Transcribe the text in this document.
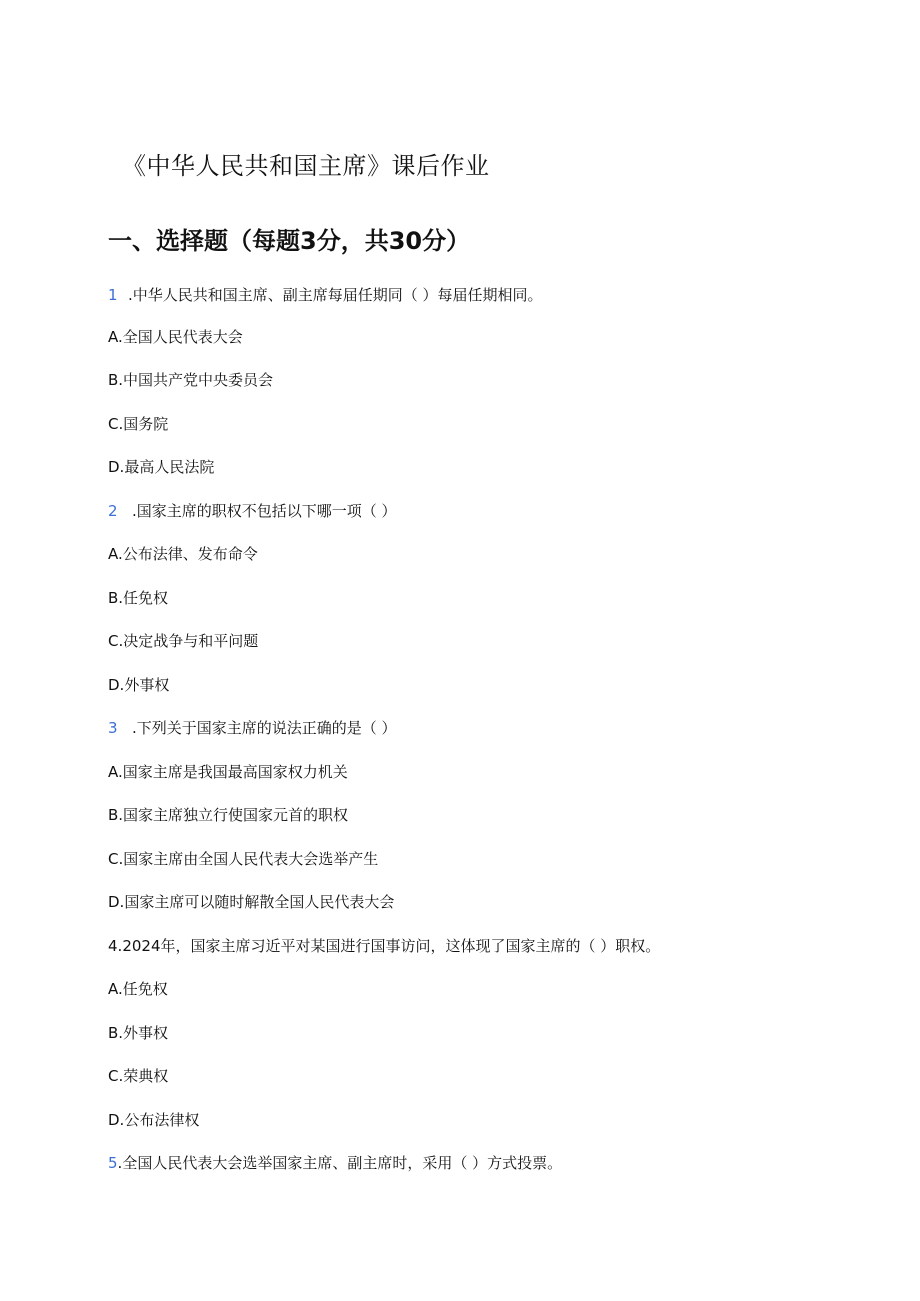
《中华人民共和国主席》课后作业
一、选择题（每题3分，共30分）
1 .中华人民共和国主席、副主席每届任期同（ ）每届任期相同。
A.全国人民代表大会
B.中国共产党中央委员会
C.国务院
D.最高人民法院
2 .国家主席的职权不包括以下哪一项（ ）
A.公布法律、发布命令
B.任免权
C.决定战争与和平问题
D.外事权
3 .下列关于国家主席的说法正确的是（ ）
A.国家主席是我国最高国家权力机关
B.国家主席独立行使国家元首的职权
C.国家主席由全国人民代表大会选举产生
D.国家主席可以随时解散全国人民代表大会
4.2024年，国家主席习近平对某国进行国事访问，这体现了国家主席的（ ）职权。
A.任免权
B.外事权
C.荣典权
D.公布法律权
5.全国人民代表大会选举国家主席、副主席时，采用（ ）方式投票。
